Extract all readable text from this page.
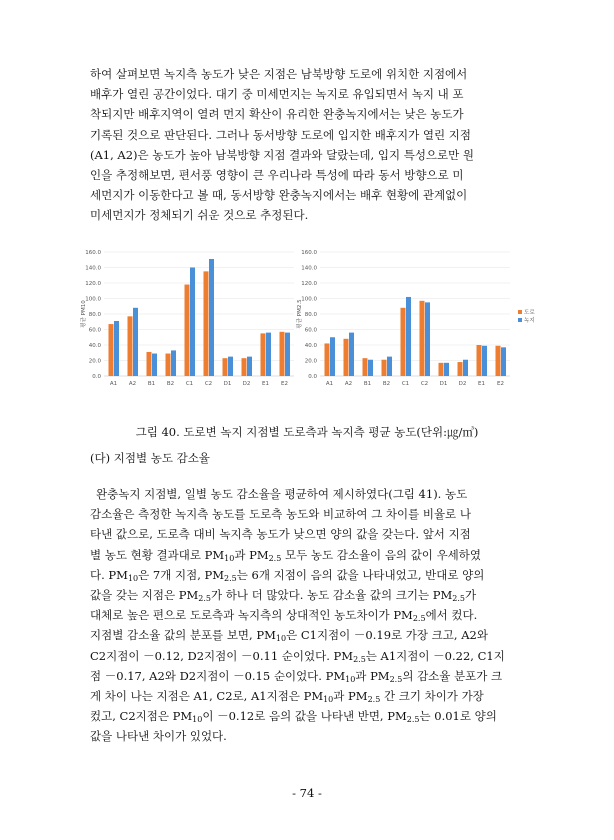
하여 살펴보면 녹지측 농도가 낮은 지점은 남북방향 도로에 위치한 지점에서

배후가 열린 공간이었다. 대기 중 미세먼지는 녹지로 유입되면서 녹지 내 포

착되지만 배후지역이 열려 먼지 확산이 유리한 완충녹지에서는 낮은 농도가

기록된 것으로 판단된다. 그러나 동서방향 도로에 입지한 배후지가 열린 지점

(A1, A2)은 농도가 높아 남북방향 지점 결과와 달랐는데, 입지 특성으로만 원

인을 추정해보면, 편서풍 영향이 큰 우리나라 특성에 따라 동서 방향으로 미

세먼지가 이동한다고 볼 때, 동서방향 완충녹지에서는 배후 현황에 관계없이

미세먼지가 정체되기 쉬운 것으로 추정된다.

0.0
20.0
40.0
60.0
80.0
100.0
120.0
140.0
160.0
평균 PM10
A1 A2 B1 B2 C1 C2 D1 D2 E1 E2
0.0
20.0
40.0
60.0
80.0
100.0
120.0
140.0
160.0
평균 PM2.5
A1 A2 B1 B2 C1 C2 D1 D2 E1 E2
도로
녹지
그림 40. 도로변 녹지 지점별 도로측과 녹지측 평균 농도(단위:㎍/㎥)
(다) 지점별 농도 감소율

완충녹지 지점별, 일별 농도 감소율을 평균하여 제시하였다(그림 41). 농도

감소율은 측정한 녹지측 농도를 도로측 농도와 비교하여 그 차이를 비율로 나

타낸 값으로, 도로측 대비 녹지측 농도가 낮으면 양의 값을 갖는다. 앞서 지점

별 농도 현황 결과대로 $PM_{10}$과 $PM_{2.5}$ 모두 농도 감소율이 음의 값이 우세하였

다. $PM_{10}$은 7개 지점, $PM_{2.5}$는 6개 지점이 음의 값을 나타내었고, 반대로 양의

값을 갖는 지점은 $PM_{2.5}$가 하나 더 많았다. 농도 감소율 값의 크기는 $PM_{2.5}$가

대체로 높은 편으로 도로측과 녹지측의 상대적인 농도차이가 $PM_{2.5}$에서 컸다.

지점별 감소율 값의 분포를 보면, $PM_{10}$은 C1지점이 －0.19로 가장 크고, A2와

C2지점이 －0.12, D2지점이 －0.11 순이었다. $PM_{2.5}$는 A1지점이 －0.22, C1지

점 －0.17, A2와 D2지점이 －0.15 순이었다. $PM_{10}$과 $PM_{2.5}$의 감소율 분포가 크

게 차이 나는 지점은 A1, C2로, A1지점은 $PM_{10}$과 $PM_{2.5}$ 간 크기 차이가 가장

컸고, C2지점은 $PM_{10}$이 －0.12로 음의 값을 나타낸 반면, $PM_{2.5}$는 0.01로 양의

값을 나타낸 차이가 있었다.

- 74 -
